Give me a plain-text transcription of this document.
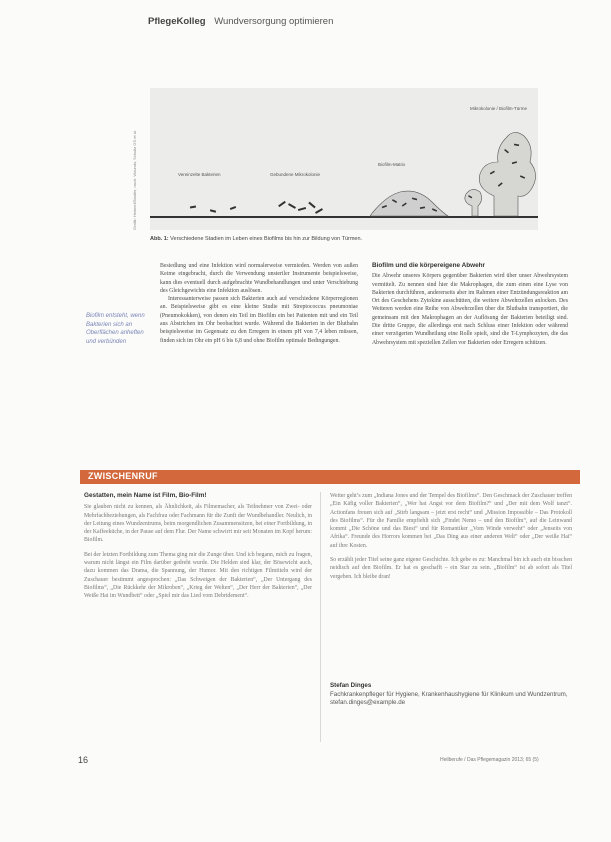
PflegeKolleg Wundversorgung optimieren
Grafik: Heimerl/Stadler, nach: Wounds; Schultz GS et al.	Vereinzelte Bakterien	Gebundene Mikrokolonie
Biofilm-Matrix
Mikrokolonie / Biofilm-Türme
Abb. 1: Verschiedene Stadien im Leben eines Biofilms bis hin zur Bildung von Türmen.
Biofilm entsteht, wenn Bakterien sich an Oberflächen anheften und verbünden

Besiedlung und eine Infektion wird normalerweise vermieden. Werden von außen Keime eingebracht, durch die Verwendung unsteriler Instrumente beispielsweise, kann dies eventuell durch aufgebrachte Wundbehandlungen und unter Verschiebung des Gleichgewichts eine Infektion auslösen.

Interessanterweise passen sich Bakterien auch auf verschiedene Körperregionen an. Beispielsweise gibt es eine kleine Studie mit Streptococcus pneumoniae (Pneumokokken), von denen ein Teil im Biofilm ein bei Patienten mit und ein Teil aus Abstrichen im Ohr beobachtet wurde. Während die Bakterien in der Blutbahn beispielsweise im Gegensatz zu den Erregern in einem pH von 7,4 leben müssen, finden sich im Ohr ein pH 6 bis 6,8 und ohne Biofilm optimale Bedingungen.

Biofilm und die körpereigene Abwehr

Die Abwehr unseres Körpers gegenüber Bakterien wird über unser Abwehrsystem vermittelt. Zu nennen sind hier die Makrophagen, die zum einen eine Lyse von Bakterien durchführen, andererseits aber im Rahmen einer Entzündungsreaktion am Ort des Geschehens Zytokine ausschütten, die weitere Abwehrzellen anlocken. Des Weiteren werden eine Reihe von Abwehrzellen über die Blutbahn transportiert, die gemeinsam mit den Makrophagen an der Auflösung der Bakterien beteiligt sind. Die dritte Gruppe, die allerdings erst nach Schluss einer Infektion oder während einer verzögerten Wundheilung eine Rolle spielt, sind die T-Lymphozyten, die das Abwehrsystem mit speziellen Zellen vor Bakterien oder Erregern schützen.

ZWISCHENRUF
Gestatten, mein Name ist Film, Bio-Film!

Sie glauben nicht zu kennen, als Ähnlichkeit, als Filmemacher, als Teilnehmer von Zwei- oder Mehrfachbeziehungen, als Fachfrau oder Fachmann für die Zunft der Wundbehandler. Neulich, in der Leitung eines Wundzentrums, beim morgendlichen Zusammensitzen, bei einer Fortbildung, in der Kaffeeküche, in der Pause auf dem Flur. Der Name schwirrt mir seit Monaten im Kopf herum: Biofilm.

Bei der letzten Fortbildung zum Thema ging mir die Zunge über. Und ich begann, mich zu fragen, warum nicht längst ein Film darüber gedreht wurde. Die Helden sind klar, der Bösewicht auch, dazu kommen das Drama, die Spannung, der Humor. Mit den richtigen Filmtiteln wird der Zuschauer bestimmt angesprochen: „Das Schweigen der Bakterien“, „Der Untergang des Biofilms“, „Die Rückkehr der Mikroben“, „Krieg der Welten“, „Der Herr der Bakterien“, „Der Weiße Hai im Wundbett“ oder „Spiel mir das Lied vom Debridement“.

Weiter geht’s zum „Indiana Jones und der Tempel des Biofilms“. Den Geschmack der Zuschauer treffen „Ein Käfig voller Bakterien“, „Wer hat Angst vor dem Biofilm?“ und „Der mit dem Wolf tanzt“. Actionfans freuen sich auf „Stirb langsam – jetzt erst recht“ und „Mission Impossible – Das Protokoll des Biofilms“. Für die Familie empfiehlt sich „Findet Nemo – und den Biofilm“, auf die Leinwand kommt „Die Schöne und das Biest“ und für Romantiker „Vom Winde verweht“ oder „Jenseits von Afrika“. Freunde des Horrors kommen bei „Das Ding aus einer anderen Welt“ oder „Der weiße Hai“ auf ihre Kosten.

So erzählt jeder Titel seine ganz eigene Geschichte. Ich gebe es zu: Manchmal bin ich auch ein bisschen neidisch auf den Biofilm. Er hat es geschafft – ein Star zu sein. „Biofilm“ ist ab sofort als Titel vergeben. Ich bleibe dran!

Stefan Dinges
Fachkrankenpfleger für Hygiene, Krankenhaushygiene für Klinikum und Wundzentrum, stefan.dinges@example.de
16	Heilberufe / Das Pflegemagazin 2013; 65 (5)
